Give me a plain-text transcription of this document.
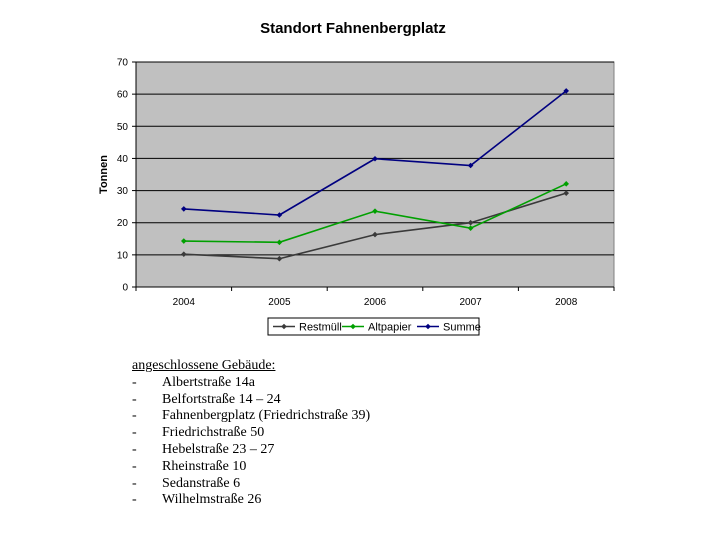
Standort Fahnenbergplatz
0
10
20
30
40
50
60
70
2004	2005	2006	2007	2008
Tonnen
Restmüll Altpapier	Summe
angeschlossene Gebäude:
-	Albertstraße 14a
-	Belfortstraße 14 – 24
-	Fahnenbergplatz (Friedrichstraße 39)
-	Friedrichstraße 50
-	Hebelstraße 23 – 27
-	Rheinstraße 10
-	Sedanstraße 6
-	Wilhelmstraße 26
